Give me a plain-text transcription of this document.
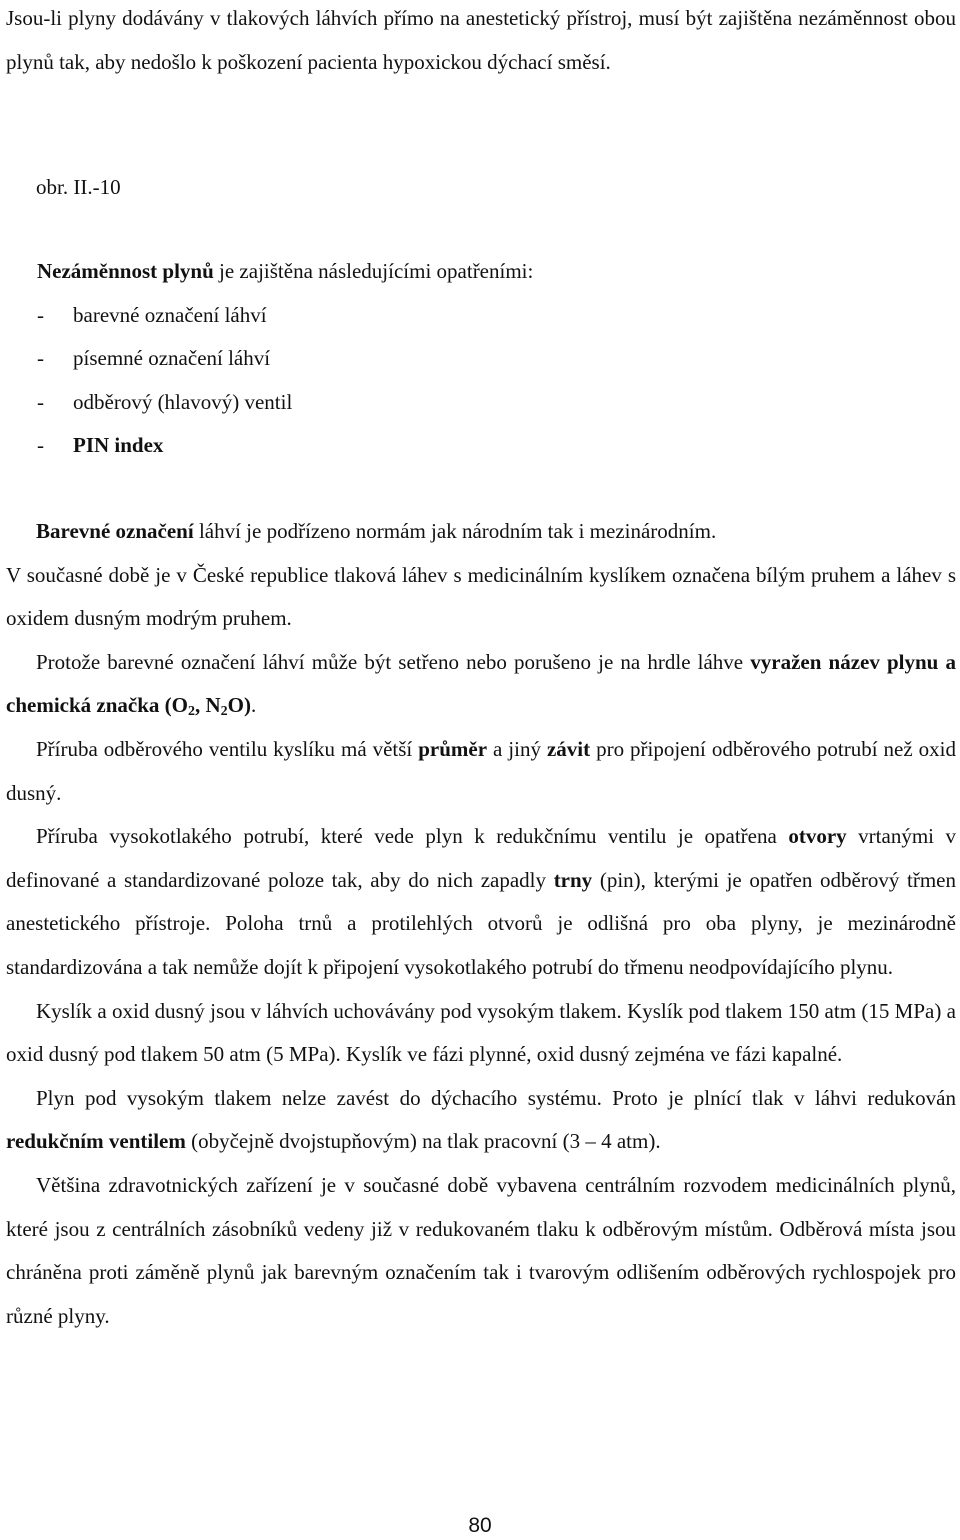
Jsou-li plyny dodávány v tlakových láhvích přímo na anestetický přístroj, musí být zajištěna nezáměnnost obou plynů tak, aby nedošlo k poškození pacienta hypoxickou dýchací směsí.

obr. II.-10

Nezáměnnost plynů je zajištěna následujícími opatřeními:

- barevné označení láhví

- písemné označení láhví

- odběrový (hlavový) ventil

- PIN index

Barevné označení láhví je podřízeno normám jak národním tak i mezinárodním.

V současné době je v České republice tlaková láhev s medicinálním kyslíkem označena bílým pruhem a láhev s oxidem dusným modrým pruhem.

Protože barevné označení láhví může být setřeno nebo porušeno je na hrdle láhve vyražen název plynu a chemická značka ($O_2$, $N_2O$).

Příruba odběrového ventilu kyslíku má větší průměr a jiný závit pro připojení odběrového potrubí než oxid dusný.

Příruba vysokotlakého potrubí, které vede plyn k redukčnímu ventilu je opatřena otvory vrtanými v definované a standardizované poloze tak, aby do nich zapadly trny (pin), kterými je opatřen odběrový třmen anestetického přístroje. Poloha trnů a protilehlých otvorů je odlišná pro oba plyny, je mezinárodně standardizována a tak nemůže dojít k připojení vysokotlakého potrubí do třmenu neodpovídajícího plynu.

Kyslík a oxid dusný jsou v láhvích uchovávány pod vysokým tlakem. Kyslík pod tlakem 150 atm (15 MPa) a oxid dusný pod tlakem 50 atm (5 MPa). Kyslík ve fázi plynné, oxid dusný zejména ve fázi kapalné.

Plyn pod vysokým tlakem nelze zavést do dýchacího systému. Proto je plnící tlak v láhvi redukován redukčním ventilem (obyčejně dvojstupňovým) na tlak pracovní (3 – 4 atm).

Většina zdravotnických zařízení je v současné době vybavena centrálním rozvodem medicinálních plynů, které jsou z centrálních zásobníků vedeny již v redukovaném tlaku k odběrovým místům. Odběrová místa jsou chráněna proti záměně plynů jak barevným označením tak i tvarovým odlišením odběrových rychlospojek pro různé plyny.

80
